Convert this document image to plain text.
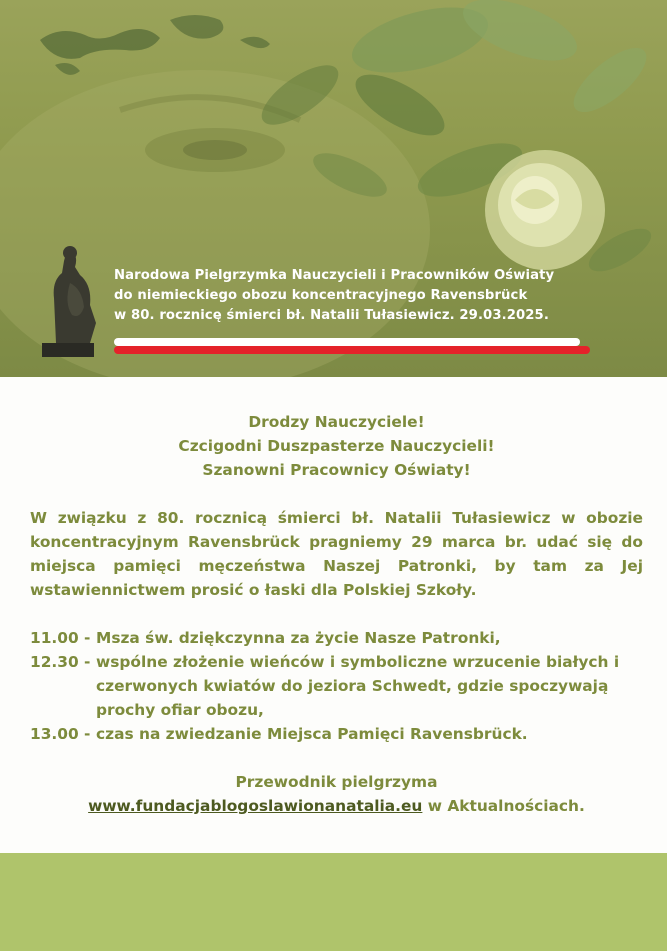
Narodowa Pielgrzymka Nauczycieli i Pracowników Oświaty
do niemieckiego obozu koncentracyjnego Ravensbrück
w 80. rocznicę śmierci bł. Natalii Tułasiewicz. 29.03.2025.
Drodzy Nauczyciele!
Czcigodni Duszpasterze Nauczycieli!
Szanowni Pracownicy Oświaty!

W związku z 80. rocznicą śmierci bł. Natalii Tułasiewicz w obozie koncentracyjnym Ravensbrück pragniemy 29 marca br. udać się do miejsca pamięci męczeństwa Naszej Patronki, by tam za Jej wstawiennictwem prosić o łaski dla Polskiej Szkoły.

11.00 - Msza św. dziękczynna za życie Nasze Patronki,
12.30 - wspólne złożenie wieńców i symboliczne wrzucenie białych i czerwonych kwiatów do jeziora Schwedt, gdzie spoczywają prochy ofiar obozu,
13.00 - czas na zwiedzanie Miejsca Pamięci Ravensbrück.
Przewodnik pielgrzyma
www.fundacjablogoslawionanatalia.eu w Aktualnościach.
